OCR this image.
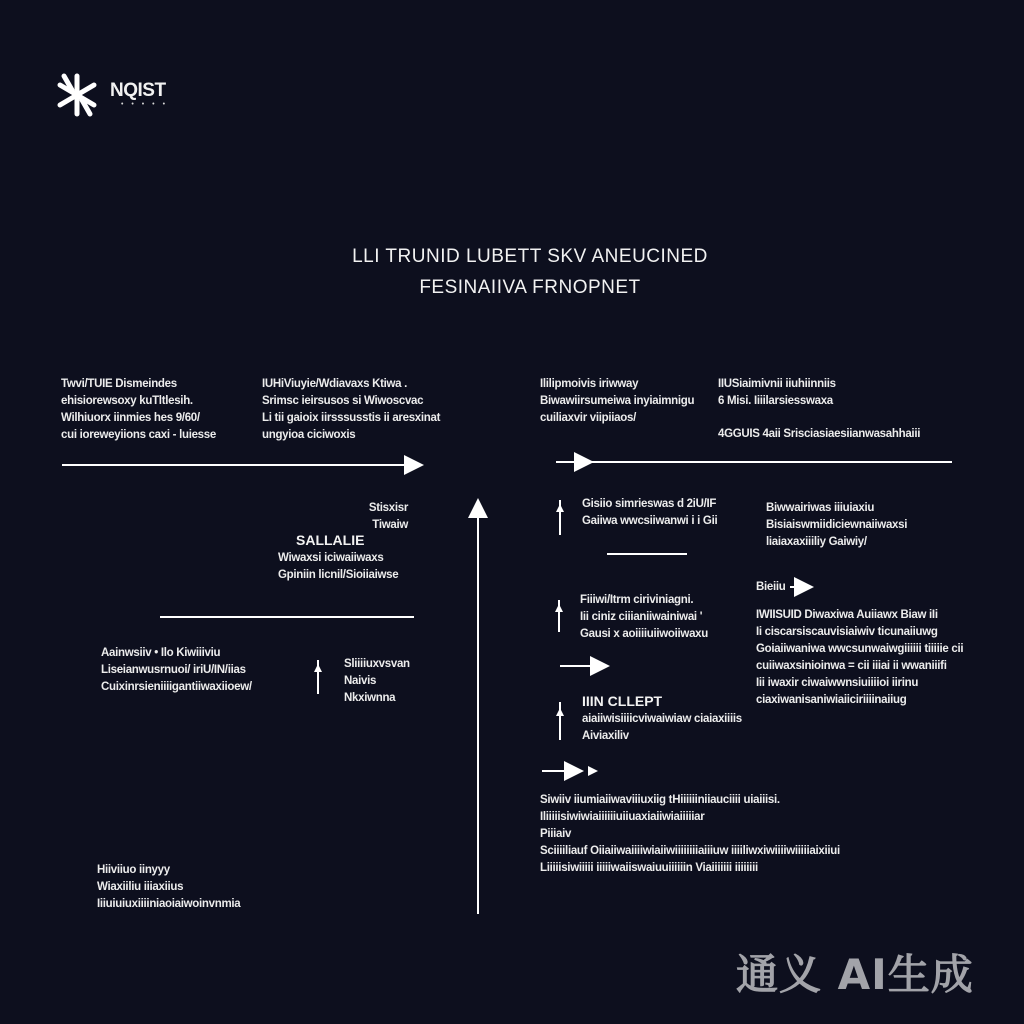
NQIST
• • • • •
LLI TRUNID LUBETT SKV ANEUCINED
FESINAIIVA FRNOPNET
Twvi/TUIE Dismeindes
ehisiorewsoxy kuTltlesih.
Wilhiuorx iinmies hes 9/60/
cui ioreweyiions caxi - luiesse
IUHiViuyie/Wdiavaxs Ktiwa .
Srimsc ieirsusos si Wiwoscvac
Li tii gaioix iirsssusstis ii aresxinat
ungyioa ciciwoxis
Stisxisr
Tiwaiw
SALLALIE
Wiwaxsi iciwaiiwaxs
Gpiniin licnil/Sioiiaiwse
Aainwsiiv • Ilo Kiwiiiviu
Liseianwusrnuoi/ iriU/IN/iias
Cuixinrsieniiiigantiiwaxiioew/
Sliiiiuxvsvan
Naivis
Nkxiwnna
Hiiviiuo iinyyy
Wiaxiiliu iiiaxiius
Iiiuiuiuxiiiiniaoiaiwoinvnmia
Ililipmoivis iriwway
Biwawiirsumeiwa inyiaimnigu
cuiliaxvir viipiiaos/
IIUSiaimivnii iiuhiinniis
6 Misi. Iiiilarsiesswaxa
4GGUIS 4aii Srisciasiaesiianwasahhaiii
Gisiio simrieswas d 2iU/IF
Gaiiwa wwcsiiwanwi i i Gii
Biwwairiwas iiiuiaxiu
Bisiaiswmiidiciewnaiiwaxsi
liaiaxaxiiiliy Gaiwiy/
Fiiiwi/Itrm ciriviniagni.
Iii ciniz ciiianiiwainiwai '
Gausi x aoiiiiuiiwoiiwaxu
Bieiiu
IWIISUID Diwaxiwa Auiiawx Biaw iIi
Ii ciscarsiscauvisiaiwiv ticunaiiuwg
Goiaiiwaniwa wwcsunwaiwgiiiiii tiiiiie cii
cuiiwaxsinioinwa = cii iiiai ii wwaniiifi
Iii iwaxir ciwaiwwnsiuiiiioi iirinu
ciaxiwanisaniwiaiiciriiiinaiiug
IIIN CLLEPT
aiaiiwisiiiicviwaiwiaw ciaiaxiiiis
Aiviaxiliv
Siwiiv iiumiaiiwaviiiuxiig tHiiiiiiniiauciiii uiaiiisi.
Iliiiiisiwiwiaiiiiiiuiiuaxiaiiwiaiiiiiar
Piiiaiv
Sciiiiliauf Oiiaiiwaiiiiwiaiiwiiiiiiiiaiiiuw iiiiliwxiwiiiiwiiiiiaixiiui
Liiiiisiwiiiii iiiiiwaiiswaiuuiiiiiin Viaiiiiiii iiiiiiii
通义 AI生成
